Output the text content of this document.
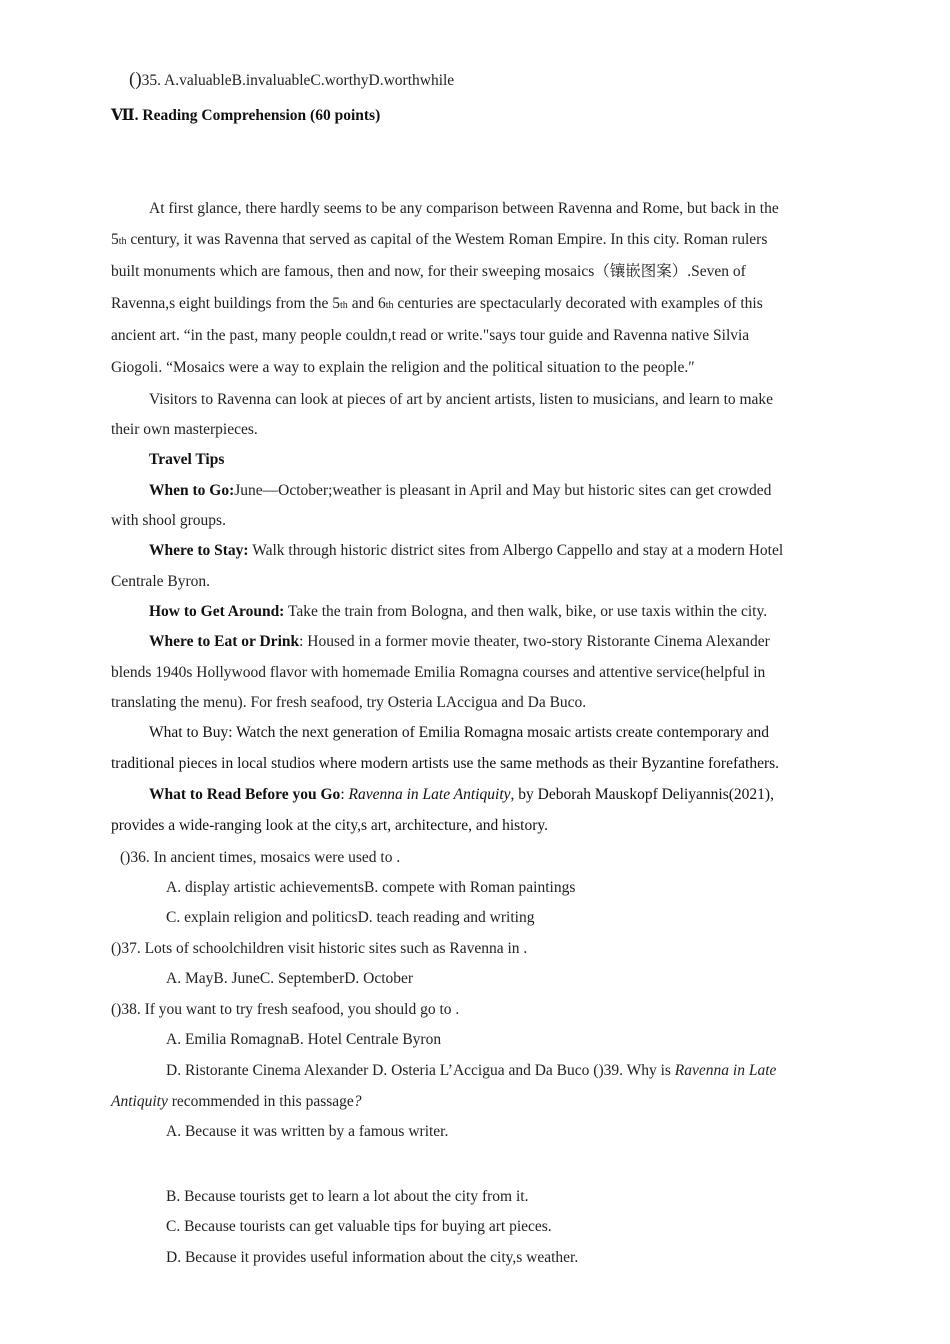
()35. A.valuableB.invaluableC.worthyD.worthwhile
Ⅶ. Reading Comprehension (60 points)
At first glance, there hardly seems to be any comparison between Ravenna and Rome, but back in the
5th century, it was Ravenna that served as capital of the Westem Roman Empire. In this city. Roman rulers
built monuments which are famous, then and now, for their sweeping mosaics（镶嵌图案）.Seven of
Ravenna,s eight buildings from the 5th and 6th centuries are spectacularly decorated with examples of this
ancient art. “in the past, many people couldn,t read or write."says tour guide and Ravenna native Silvia
Giogoli. “Mosaics were a way to explain the religion and the political situation to the people.″
Visitors to Ravenna can look at pieces of art by ancient artists, listen to musicians, and learn to make
their own masterpieces.
Travel Tips
When to Go:June—October;weather is pleasant in April and May but historic sites can get crowded
with shool groups.
Where to Stay: Walk through historic district sites from Albergo Cappello and stay at a modern Hotel
Centrale Byron.
How to Get Around: Take the train from Bologna, and then walk, bike, or use taxis within the city.
Where to Eat or Drink: Housed in a former movie theater, two-story Ristorante Cinema Alexander
blends 1940s Hollywood flavor with homemade Emilia Romagna courses and attentive service(helpful in
translating the menu). For fresh seafood, try Osteria LAccigua and Da Buco.
What to Buy: Watch the next generation of Emilia Romagna mosaic artists create contemporary and
traditional pieces in local studios where modern artists use the same methods as their Byzantine forefathers.
What to Read Before you Go: Ravenna in Late Antiquity, by Deborah Mauskopf Deliyannis(2021),
provides a wide-ranging look at the city,s art, architecture, and history.
()36. In ancient times, mosaics were used to .
A. display artistic achievementsB. compete with Roman paintings
C. explain religion and politicsD. teach reading and writing
()37. Lots of schoolchildren visit historic sites such as Ravenna in .
A. MayB. JuneC. SeptemberD. October
()38. If you want to try fresh seafood, you should go to .
A. Emilia RomagnaB. Hotel Centrale Byron
D. Ristorante Cinema Alexander D. Osteria L’Accigua and Da Buco ()39. Why is Ravenna in Late
Antiquity recommended in this passage?
A. Because it was written by a famous writer.
B. Because tourists get to learn a lot about the city from it.
C. Because tourists can get valuable tips for buying art pieces.
D. Because it provides useful information about the city,s weather.
